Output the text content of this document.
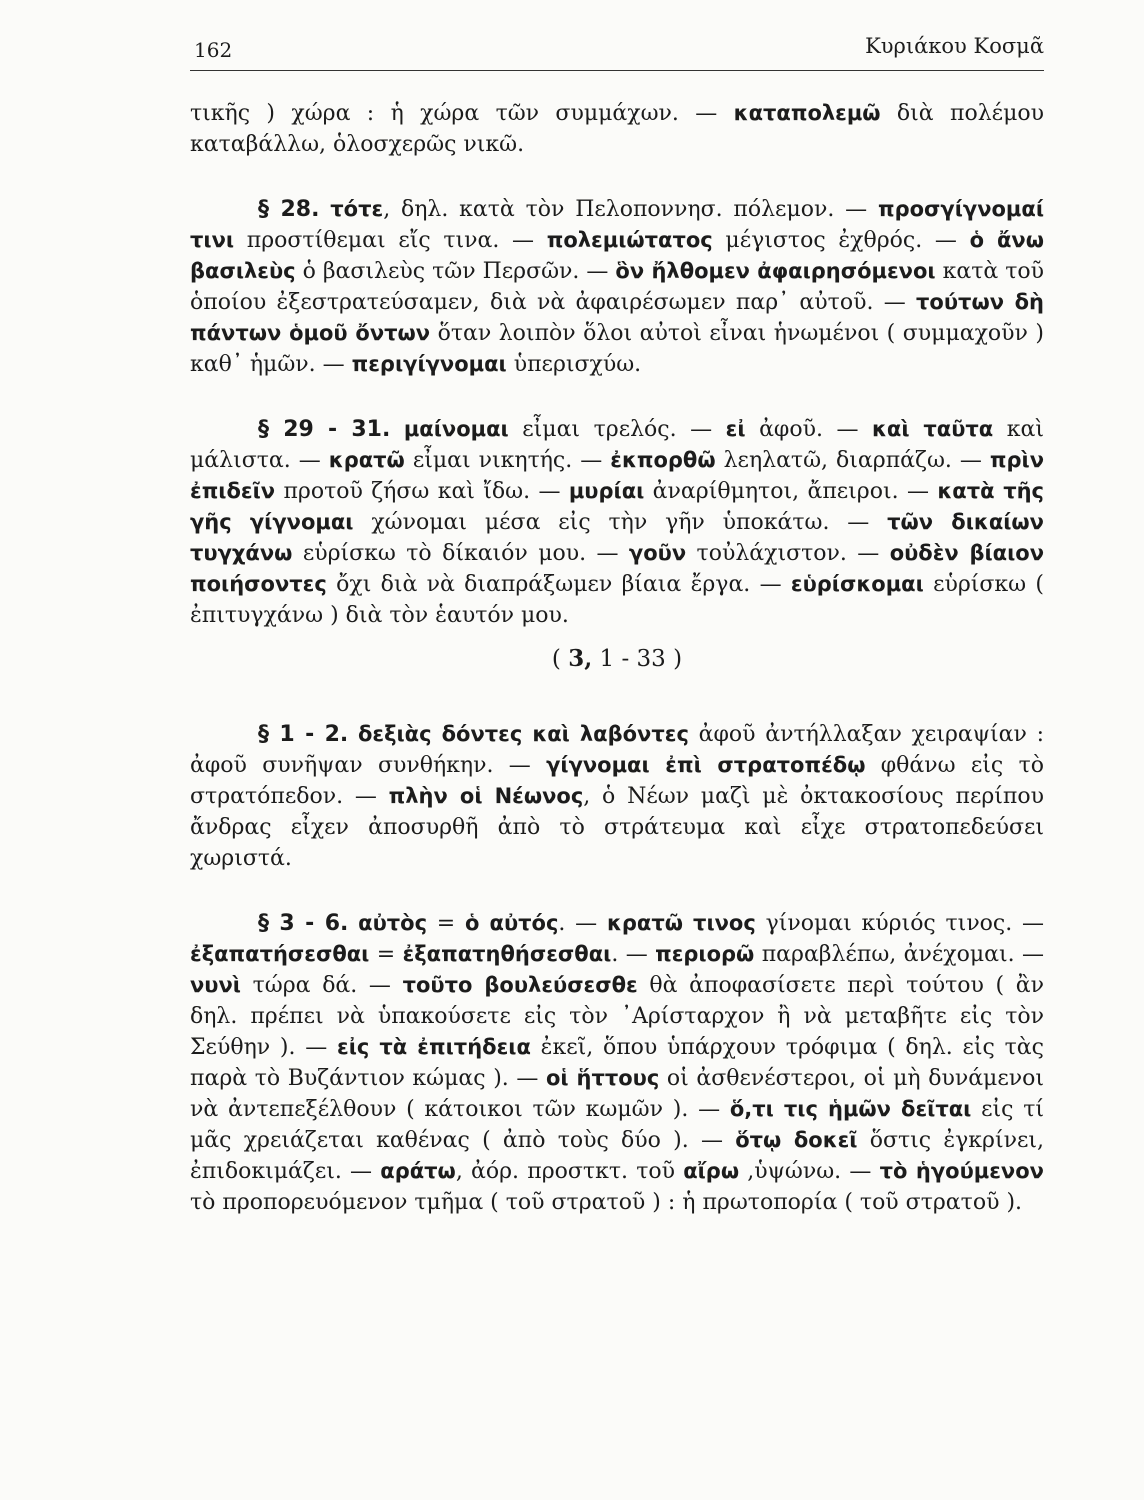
162	Κυριάκου Κοσμᾶ

τικῆς ) χώρα : ἡ χώρα τῶν συμμάχων. — καταπολεμῶ διὰ πολέμου καταβάλλω, ὁλοσχερῶς νικῶ.

§ 28. τότε, δηλ. κατὰ τὸν Πελοποννησ. πόλεμον. — προσγίγνομαί τινι προστίθεμαι εἴς τινα. — πολεμιώτατος μέγιστος ἐχθρός. — ὁ ἄνω βασιλεὺς ὁ βασιλεὺς τῶν Περσῶν. — ὃν ἤλθομεν ἀφαιρησόμενοι κατὰ τοῦ ὁποίου ἐξεστρατεύσαμεν, διὰ νὰ ἀφαιρέσωμεν παρ᾽ αὐτοῦ. — τούτων δὴ πάντων ὁμοῦ ὄντων ὅταν λοιπὸν ὅλοι αὐτοὶ εἶναι ἡνωμένοι ( συμμαχοῦν ) καθ᾽ ἡμῶν. — περιγίγνομαι ὑπερισχύω.

§ 29 - 31. μαίνομαι εἶμαι τρελός. — εἰ ἀφοῦ. — καὶ ταῦτα καὶ μάλιστα. — κρατῶ εἶμαι νικητής. — ἐκπορθῶ λεηλατῶ, διαρπάζω. — πρὶν ἐπιδεῖν προτοῦ ζήσω καὶ ἴδω. — μυρίαι ἀναρίθμητοι, ἄπειροι. — κατὰ τῆς γῆς γίγνομαι χώνομαι μέσα εἰς τὴν γῆν ὑποκάτω. — τῶν δικαίων τυγχάνω εὑρίσκω τὸ δίκαιόν μου. — γοῦν τοὐλάχιστον. — οὐδὲν βίαιον ποιήσοντες ὄχι διὰ νὰ διαπράξωμεν βίαια ἔργα. — εὑρίσκομαι εὑρίσκω ( ἐπιτυγχάνω ) διὰ τὸν ἑαυτόν μου.

( 3, 1 - 33 )

§ 1 - 2. δεξιὰς δόντες καὶ λαβόντες ἀφοῦ ἀντήλλαξαν χειραψίαν : ἀφοῦ συνῆψαν συνθήκην. — γίγνομαι ἐπὶ στρατοπέδῳ φθάνω εἰς τὸ στρατόπεδον. — πλὴν οἱ Νέωνος, ὁ Νέων μαζὶ μὲ ὀκτακοσίους περίπου ἄνδρας εἶχεν ἀποσυρθῆ ἀπὸ τὸ στράτευμα καὶ εἶχε στρατοπεδεύσει χωριστά.

§ 3 - 6. αὐτὸς = ὁ αὐτός. — κρατῶ τινος γίνομαι κύριός τινος. — ἐξαπατήσεσθαι = ἐξαπατηθήσεσθαι. — περιορῶ παραβλέπω, ἀνέχομαι. — νυνὶ τώρα δά. — τοῦτο βουλεύσεσθε θὰ ἀποφασίσετε περὶ τούτου ( ἂν δηλ. πρέπει νὰ ὑπακούσετε εἰς τὸν ᾿Αρίσταρχον ἢ νὰ μεταβῆτε εἰς τὸν Σεύθην ). — εἰς τὰ ἐπιτήδεια ἐκεῖ, ὅπου ὑπάρχουν τρόφιμα ( δηλ. εἰς τὰς παρὰ τὸ Βυζάντιον κώμας ). — οἱ ἥττους οἱ ἀσθενέστεροι, οἱ μὴ δυνάμενοι νὰ ἀντεπεξέλθουν ( κάτοικοι τῶν κωμῶν ). — ὅ,τι τις ἡμῶν δεῖται εἰς τί μᾶς χρειάζεται καθένας ( ἀπὸ τοὺς δύο ). — ὅτῳ δοκεῖ ὅστις ἐγκρίνει, ἐπιδοκιμάζει. — αράτω, ἀόρ. προστκτ. τοῦ αἴρω ,ὑψώνω. — τὸ ἡγούμενον τὸ προπορευόμενον τμῆμα ( τοῦ στρατοῦ ) : ἡ πρωτοπορία ( τοῦ στρατοῦ ).
